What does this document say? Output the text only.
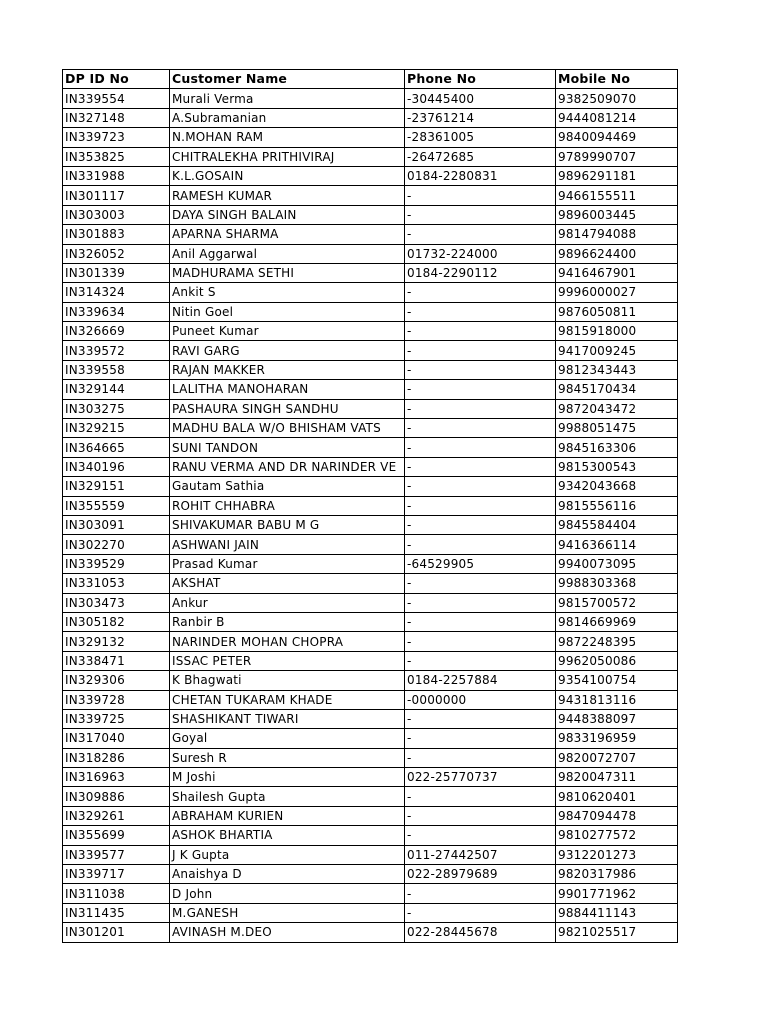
DP ID No	Customer Name	Phone No	Mobile No
IN339554	Murali Verma	-30445400	9382509070
IN327148	A.Subramanian	-23761214	9444081214
IN339723	N.MOHAN RAM	-28361005	9840094469
IN353825	CHITRALEKHA PRITHIVIRAJ	-26472685	9789990707
IN331988	K.L.GOSAIN	0184-2280831	9896291181
IN301117	RAMESH KUMAR	-	9466155511
IN303003	DAYA SINGH BALAIN	-	9896003445
IN301883	APARNA SHARMA	-	9814794088
IN326052	Anil Aggarwal	01732-224000	9896624400
IN301339	MADHURAMA SETHI	0184-2290112	9416467901
IN314324	Ankit S	-	9996000027
IN339634	Nitin Goel	-	9876050811
IN326669	Puneet Kumar	-	9815918000
IN339572	RAVI GARG	-	9417009245
IN339558	RAJAN MAKKER	-	9812343443
IN329144	LALITHA MANOHARAN	-	9845170434
IN303275	PASHAURA SINGH SANDHU	-	9872043472
IN329215	MADHU BALA W/O BHISHAM VATS	-	9988051475
IN364665	SUNI TANDON	-	9845163306
IN340196	RANU VERMA AND DR NARINDER VE	-	9815300543
IN329151	Gautam Sathia	-	9342043668
IN355559	ROHIT CHHABRA	-	9815556116
IN303091	SHIVAKUMAR BABU M G	-	9845584404
IN302270	ASHWANI JAIN	-	9416366114
IN339529	Prasad Kumar	-64529905	9940073095
IN331053	AKSHAT	-	9988303368
IN303473	Ankur	-	9815700572
IN305182	Ranbir B	-	9814669969
IN329132	NARINDER MOHAN CHOPRA	-	9872248395
IN338471	ISSAC PETER	-	9962050086
IN329306	K Bhagwati	0184-2257884	9354100754
IN339728	CHETAN TUKARAM KHADE	-0000000	9431813116
IN339725	SHASHIKANT TIWARI	-	9448388097
IN317040	Goyal	-	9833196959
IN318286	Suresh R	-	9820072707
IN316963	M Joshi	022-25770737	9820047311
IN309886	Shailesh Gupta	-	9810620401
IN329261	ABRAHAM KURIEN	-	9847094478
IN355699	ASHOK BHARTIA	-	9810277572
IN339577	J K Gupta	011-27442507	9312201273
IN339717	Anaishya D	022-28979689	9820317986
IN311038	D John	-	9901771962
IN311435	M.GANESH	-	9884411143
IN301201	AVINASH M.DEO	022-28445678	9821025517
